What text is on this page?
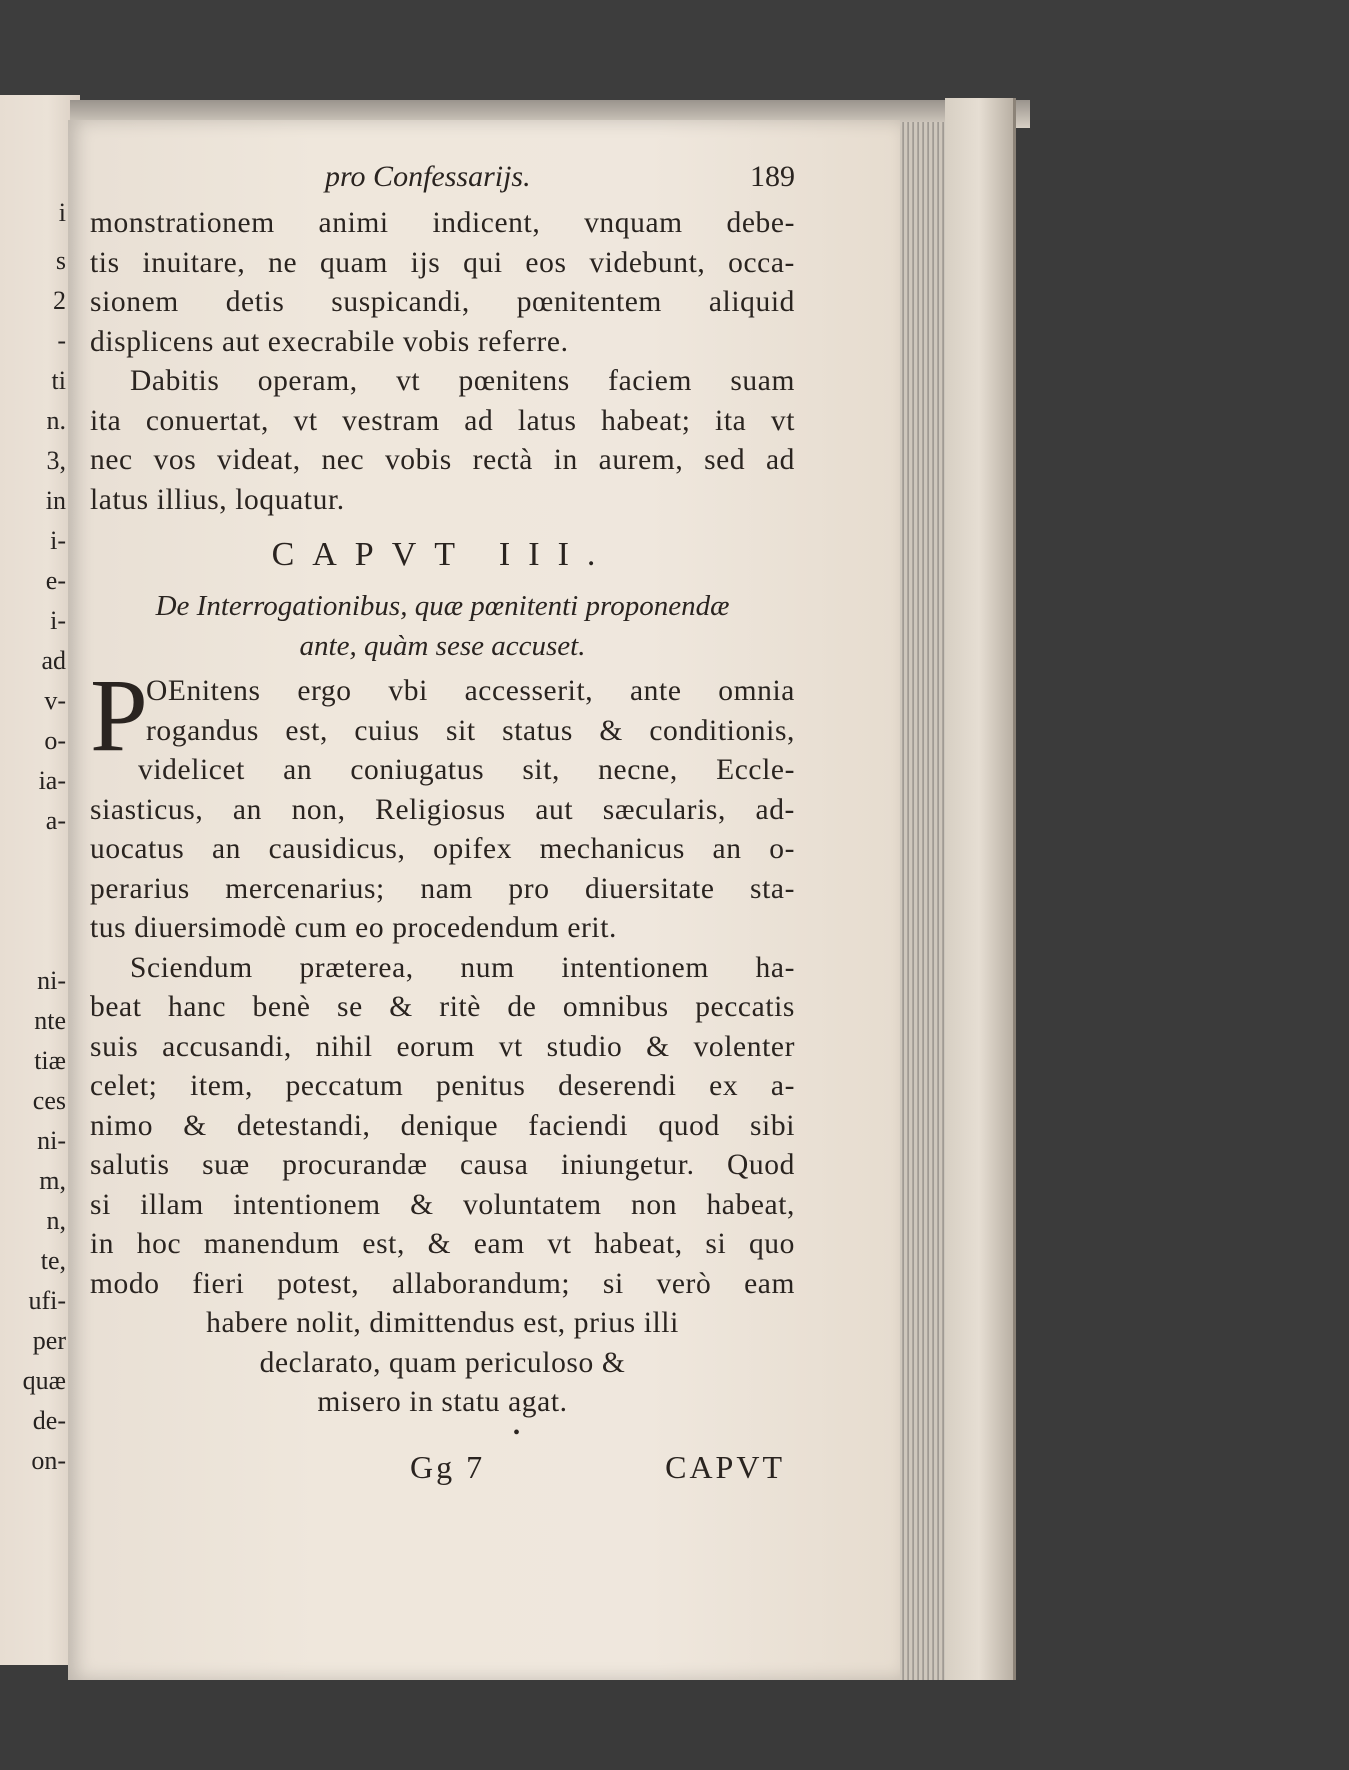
i
s
2
-
ti
n.
3,
in
i-
e-
i-
ad
v-
o-
ia-
a-
ni-
nte
tiæ
ces
ni-
m,
n,
te,
ufi-
per
quæ
de-
on-
pro Confessarijs.	189
monstrationem animi indicent, vnquam debe-
tis inuitare, ne quam ijs qui eos videbunt, occa-
sionem detis suspicandi, pœnitentem aliquid
displicens aut execrabile vobis referre.
Dabitis operam, vt pœnitens faciem suam
ita conuertat, vt vestram ad latus habeat; ita vt
nec vos videat, nec vobis rectà in aurem, sed ad
latus illius, loquatur.
CAPVT III.
De Interrogationibus, quæ pœnitenti proponendæ
ante, quàm sese accuset.
P
OEnitens ergo vbi accesserit, ante omnia
rogandus est, cuius sit status & conditionis,
videlicet an coniugatus sit, necne, Eccle-
siasticus, an non, Religiosus aut sæcularis, ad-
uocatus an causidicus, opifex mechanicus an o-
perarius mercenarius; nam pro diuersitate sta-
tus diuersimodè cum eo procedendum erit.
Sciendum præterea, num intentionem ha-
beat hanc benè se & ritè de omnibus peccatis
suis accusandi, nihil eorum vt studio & volenter
celet; item, peccatum penitus deserendi ex a-
nimo & detestandi, denique faciendi quod sibi
salutis suæ procurandæ causa iniungetur. Quod
si illam intentionem & voluntatem non habeat,
in hoc manendum est, & eam vt habeat, si quo
modo fieri potest, allaborandum; si verò eam
habere nolit, dimittendus est, prius illi
declarato, quam periculoso &
misero in statu agat.
•
Gg 7	CAPVT
